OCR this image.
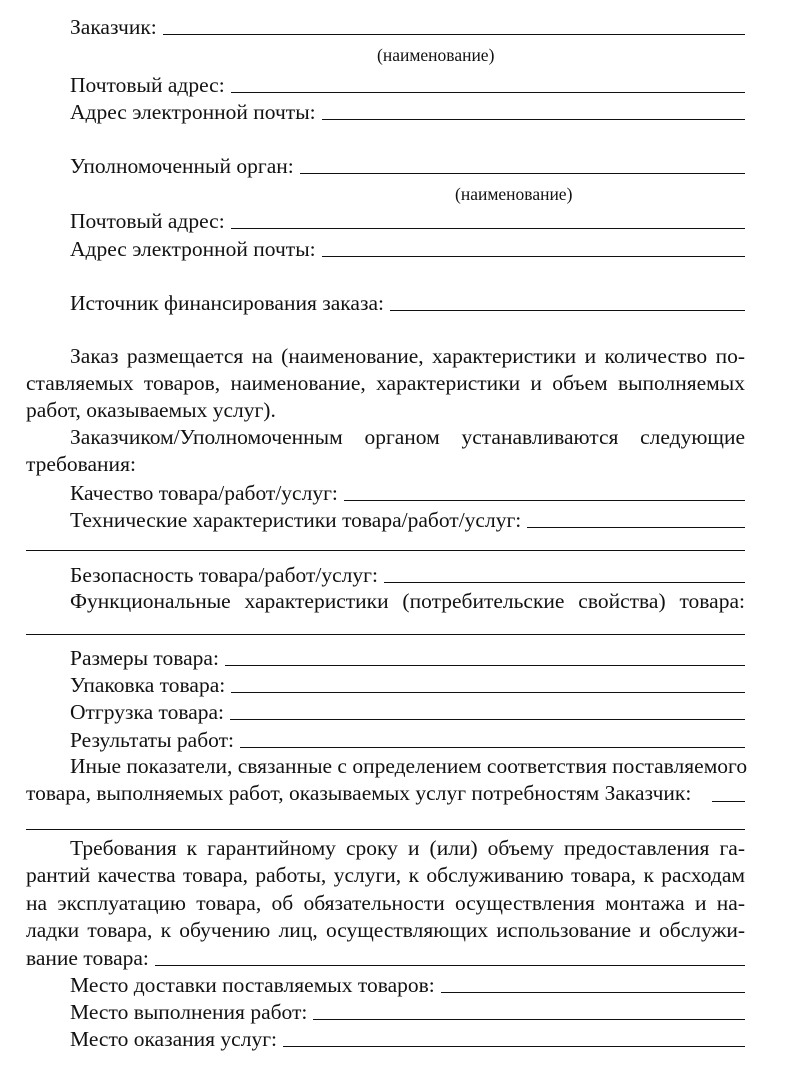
Заказчик:
(наименование)
Почтовый адрес:
Адрес электронной почты:
Уполномоченный орган:
(наименование)
Почтовый адрес:
Адрес электронной почты:
Источник финансирования заказа:
Заказ размещается на (наименование, характеристики и количество по-
ставляемых товаров, наименование, характеристики и объем выполняемых
работ, оказываемых услуг).
Заказчиком/Уполномоченным органом устанавливаются следующие
требования:
Качество товара/работ/услуг:
Технические характеристики товара/работ/услуг:
Безопасность товара/работ/услуг:
Функциональные характеристики (потребительские свойства) товара:
Размеры товара:
Упаковка товара:
Отгрузка товара:
Результаты работ:
Иные показатели, связанные с определением соответствия поставляемого
товара, выполняемых работ, оказываемых услуг потребностям Заказчик:
Требования к гарантийному сроку и (или) объему предоставления га-
рантий качества товара, работы, услуги, к обслуживанию товара, к расходам
на эксплуатацию товара, об обязательности осуществления монтажа и на-
ладки товара, к обучению лиц, осуществляющих использование и обслужи-
вание товара:
Место доставки поставляемых товаров:
Место выполнения работ:
Место оказания услуг:
